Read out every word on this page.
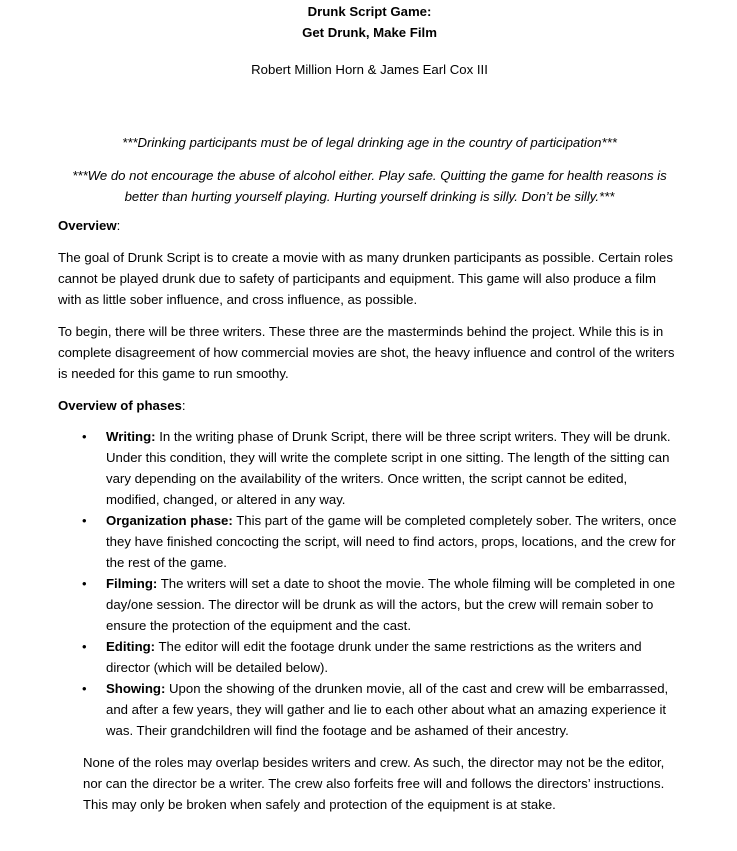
Drunk Script Game:
Get Drunk, Make Film
Robert Million Horn & James Earl Cox III
***Drinking participants must be of legal drinking age in the country of participation***
***We do not encourage the abuse of alcohol either. Play safe. Quitting the game for health reasons is better than hurting yourself playing. Hurting yourself drinking is silly. Don’t be silly.***
Overview:
The goal of Drunk Script is to create a movie with as many drunken participants as possible. Certain roles cannot be played drunk due to safety of participants and equipment. This game will also produce a film with as little sober influence, and cross influence, as possible.
To begin, there will be three writers. These three are the masterminds behind the project. While this is in complete disagreement of how commercial movies are shot, the heavy influence and control of the writers is needed for this game to run smoothy.
Overview of phases:
• Writing: In the writing phase of Drunk Script, there will be three script writers. They will be drunk. Under this condition, they will write the complete script in one sitting. The length of the sitting can vary depending on the availability of the writers. Once written, the script cannot be edited, modified, changed, or altered in any way.
• Organization phase: This part of the game will be completed completely sober. The writers, once they have finished concocting the script, will need to find actors, props, locations, and the crew for the rest of the game.
• Filming: The writers will set a date to shoot the movie. The whole filming will be completed in one day/one session. The director will be drunk as will the actors, but the crew will remain sober to ensure the protection of the equipment and the cast.
• Editing: The editor will edit the footage drunk under the same restrictions as the writers and director (which will be detailed below).
• Showing: Upon the showing of the drunken movie, all of the cast and crew will be embarrassed, and after a few years, they will gather and lie to each other about what an amazing experience it was. Their grandchildren will find the footage and be ashamed of their ancestry.
None of the roles may overlap besides writers and crew. As such, the director may not be the editor, nor can the director be a writer. The crew also forfeits free will and follows the directors’ instructions. This may only be broken when safely and protection of the equipment is at stake.
